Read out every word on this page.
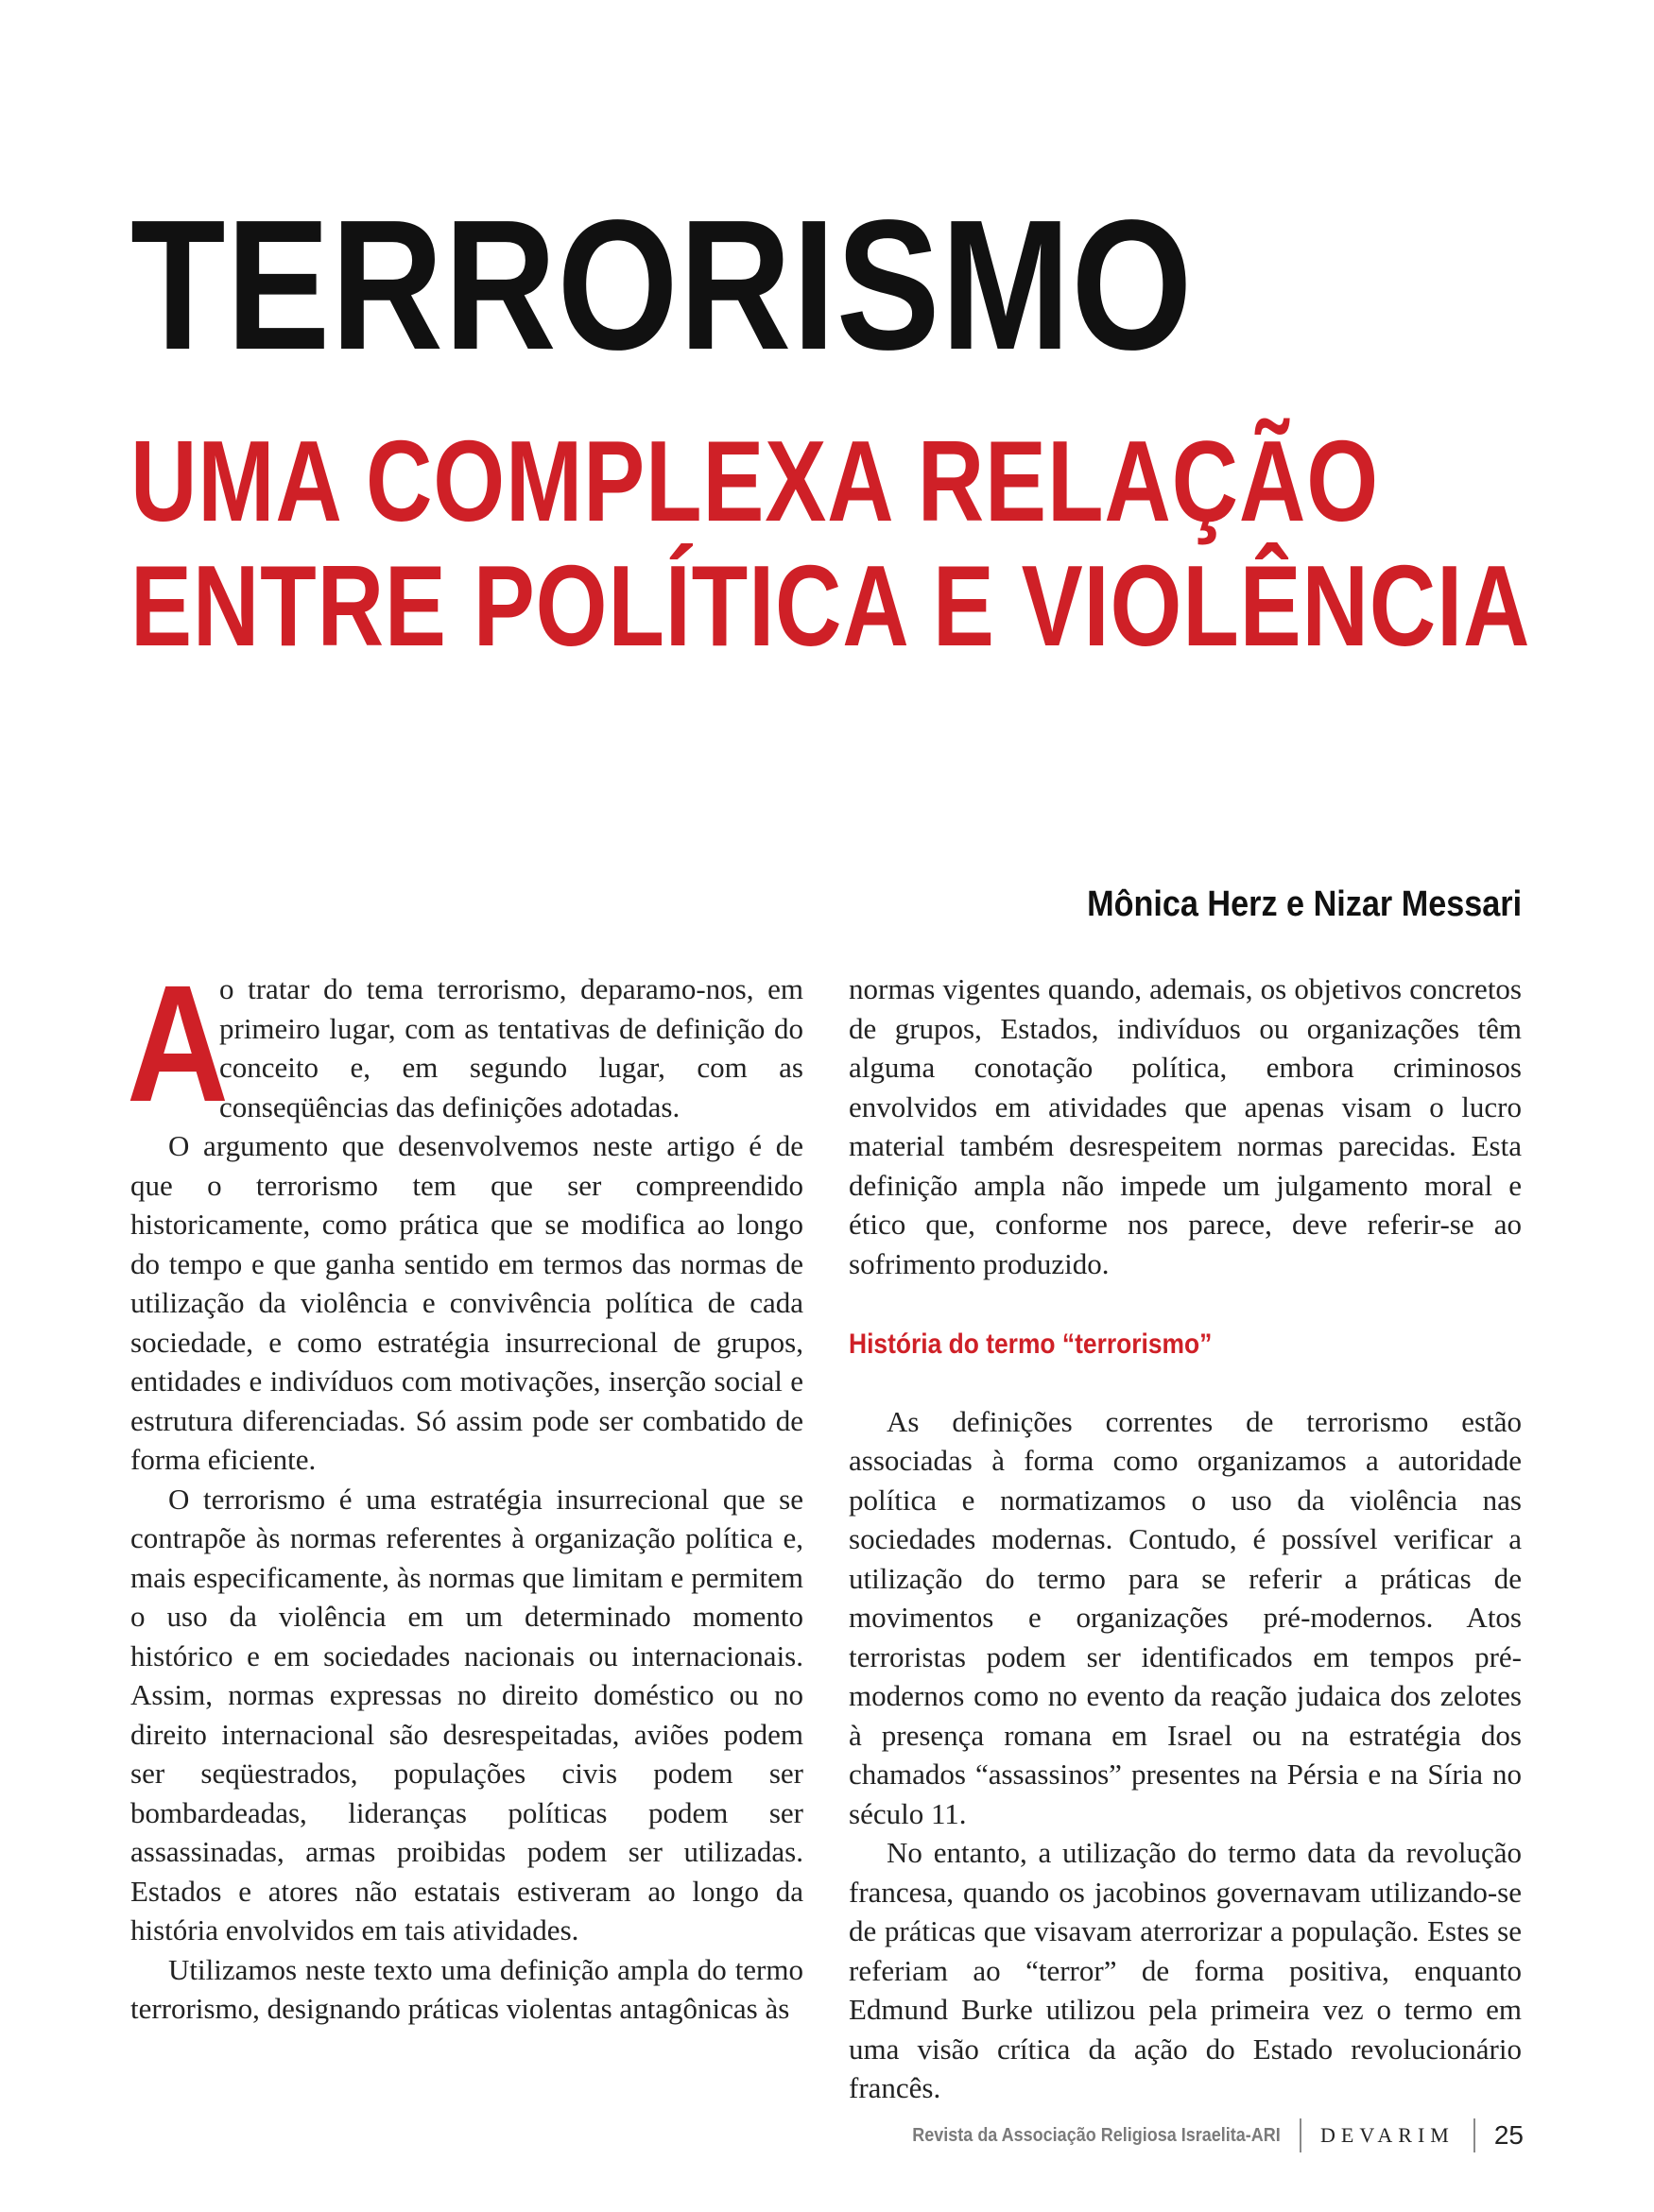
TERRORISMO
UMA COMPLEXA RELAÇÃO
ENTRE POLÍTICA E VIOLÊNCIA
Mônica Herz e Nizar Messari

A
o tratar do tema terrorismo, deparamo-nos, em primeiro lugar, com as tentativas de definição do conceito e, em segundo lugar, com as conseqüências das definições adotadas.

O argumento que desenvolvemos neste artigo é de que o terrorismo tem que ser compreendido historicamente, como prática que se modifica ao longo do tempo e que ganha sentido em termos das normas de utilização da violência e convivência política de cada sociedade, e como estratégia insurrecional de grupos, entidades e indivíduos com motivações, inserção social e estrutura diferenciadas. Só assim pode ser combatido de forma eficiente.

O terrorismo é uma estratégia insurrecional que se contrapõe às normas referentes à organização política e, mais especificamente, às normas que limitam e permitem o uso da violência em um determinado momento histórico e em sociedades nacionais ou internacionais. Assim, normas expressas no direito doméstico ou no direito internacional são desrespeitadas, aviões podem ser seqüestrados, populações civis podem ser bombardeadas, lideranças políticas podem ser assassinadas, armas proibidas podem ser utilizadas. Estados e atores não estatais estiveram ao longo da história envolvidos em tais atividades.

Utilizamos neste texto uma definição ampla do termo terrorismo, designando práticas violentas antagônicas às

normas vigentes quando, ademais, os objetivos concretos de grupos, Estados, indivíduos ou organizações têm alguma conotação política, embora criminosos envolvidos em atividades que apenas visam o lucro material também desrespeitem normas parecidas. Esta definição ampla não impede um julgamento moral e ético que, conforme nos parece, deve referir-se ao sofrimento produzido.

História do termo “terrorismo”

As definições correntes de terrorismo estão associadas à forma como organizamos a autoridade política e normatizamos o uso da violência nas sociedades modernas. Contudo, é possível verificar a utilização do termo para se referir a práticas de movimentos e organizações pré-modernos. Atos terroristas podem ser identificados em tempos pré-modernos como no evento da reação judaica dos zelotes à presença romana em Israel ou na estratégia dos chamados “assassinos” presentes na Pérsia e na Síria no século 11.

No entanto, a utilização do termo data da revolução francesa, quando os jacobinos governavam utilizando-se de práticas que visavam aterrorizar a população. Estes se referiam ao “terror” de forma positiva, enquanto Edmund Burke utilizou pela primeira vez o termo em uma visão crítica da ação do Estado revolucionário francês.

Revista da Associação Religiosa Israelita-ARI DEVARIM 25
